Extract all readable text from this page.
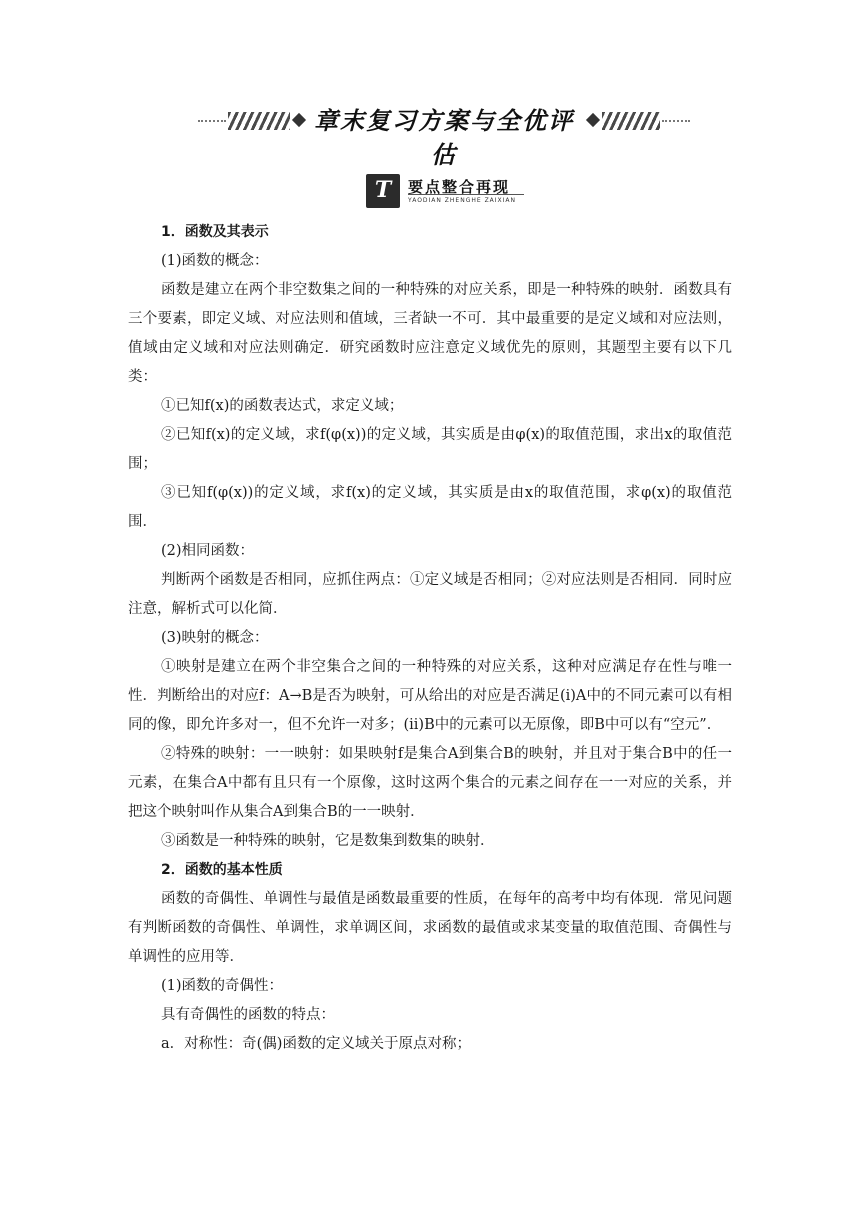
章末复习方案与全优评估
T	要点整合再现
YAODIAN ZHENGHE ZAIXIAN

1．函数及其表示

(1)函数的概念：

函数是建立在两个非空数集之间的一种特殊的对应关系，即是一种特殊的映射．函数具有三个要素，即定义域、对应法则和值域，三者缺一不可．其中最重要的是定义域和对应法则，值域由定义域和对应法则确定．研究函数时应注意定义域优先的原则，其题型主要有以下几类：

①已知f(x)的函数表达式，求定义域；

②已知f(x)的定义域，求f(φ(x))的定义域，其实质是由φ(x)的取值范围，求出x的取值范围；

③已知f(φ(x))的定义域，求f(x)的定义域，其实质是由x的取值范围，求φ(x)的取值范围．

(2)相同函数：

判断两个函数是否相同，应抓住两点：①定义域是否相同；②对应法则是否相同．同时应注意，解析式可以化简．

(3)映射的概念：

①映射是建立在两个非空集合之间的一种特殊的对应关系，这种对应满足存在性与唯一性．判断给出的对应f：A→B是否为映射，可从给出的对应是否满足(i)A中的不同元素可以有相同的像，即允许多对一，但不允许一对多；(ii)B中的元素可以无原像，即B中可以有“空元”．

②特殊的映射：一一映射：如果映射f是集合A到集合B的映射，并且对于集合B中的任一元素，在集合A中都有且只有一个原像，这时这两个集合的元素之间存在一一对应的关系，并把这个映射叫作从集合A到集合B的一一映射．

③函数是一种特殊的映射，它是数集到数集的映射．

2．函数的基本性质

函数的奇偶性、单调性与最值是函数最重要的性质，在每年的高考中均有体现．常见问题有判断函数的奇偶性、单调性，求单调区间，求函数的最值或求某变量的取值范围、奇偶性与单调性的应用等．

(1)函数的奇偶性：

具有奇偶性的函数的特点：

a．对称性：奇(偶)函数的定义域关于原点对称；
